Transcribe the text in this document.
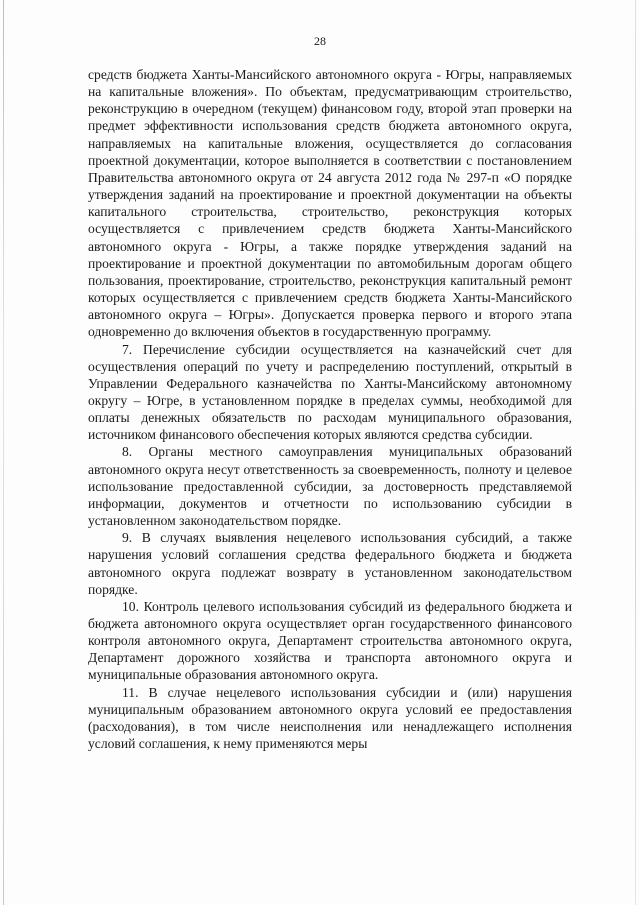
28

средств бюджета Ханты-Мансийского автономного округа - Югры, направляемых на капитальные вложения». По объектам, предусматривающим строительство, реконструкцию в очередном (текущем) финансовом году, второй этап проверки на предмет эффективности использования средств бюджета автономного округа, направляемых на капитальные вложения, осуществляется до согласования проектной документации, которое выполняется в соответствии с постановлением Правительства автономного округа от 24 августа 2012 года № 297-п «О порядке утверждения заданий на проектирование и проектной документации на объекты капитального строительства, строительство, реконструкция которых осуществляется с привлечением средств бюджета Ханты-Мансийского автономного округа - Югры, а также порядке утверждения заданий на проектирование и проектной документации по автомобильным дорогам общего пользования, проектирование, строительство, реконструкция капитальный ремонт которых осуществляется с привлечением средств бюджета Ханты-Мансийского автономного округа – Югры». Допускается проверка первого и второго этапа одновременно до включения объектов в государственную программу.

7. Перечисление субсидии осуществляется на казначейский счет для осуществления операций по учету и распределению поступлений, открытый в Управлении Федерального казначейства по Ханты-Мансийскому автономному округу – Югре, в установленном порядке в пределах суммы, необходимой для оплаты денежных обязательств по расходам муниципального образования, источником финансового обеспечения которых являются средства субсидии.

8. Органы местного самоуправления муниципальных образований автономного округа несут ответственность за своевременность, полноту и целевое использование предоставленной субсидии, за достоверность представляемой информации, документов и отчетности по использованию субсидии в установленном законодательством порядке.

9. В случаях выявления нецелевого использования субсидий, а также нарушения условий соглашения средства федерального бюджета и бюджета автономного округа подлежат возврату в установленном законодательством порядке.

10. Контроль целевого использования субсидий из федерального бюджета и бюджета автономного округа осуществляет орган государственного финансового контроля автономного округа, Департамент строительства автономного округа, Департамент дорожного хозяйства и транспорта автономного округа и муниципальные образования автономного округа.

11. В случае нецелевого использования субсидии и (или) нарушения муниципальным образованием автономного округа условий ее предоставления (расходования), в том числе неисполнения или ненадлежащего исполнения условий соглашения, к нему применяются меры
